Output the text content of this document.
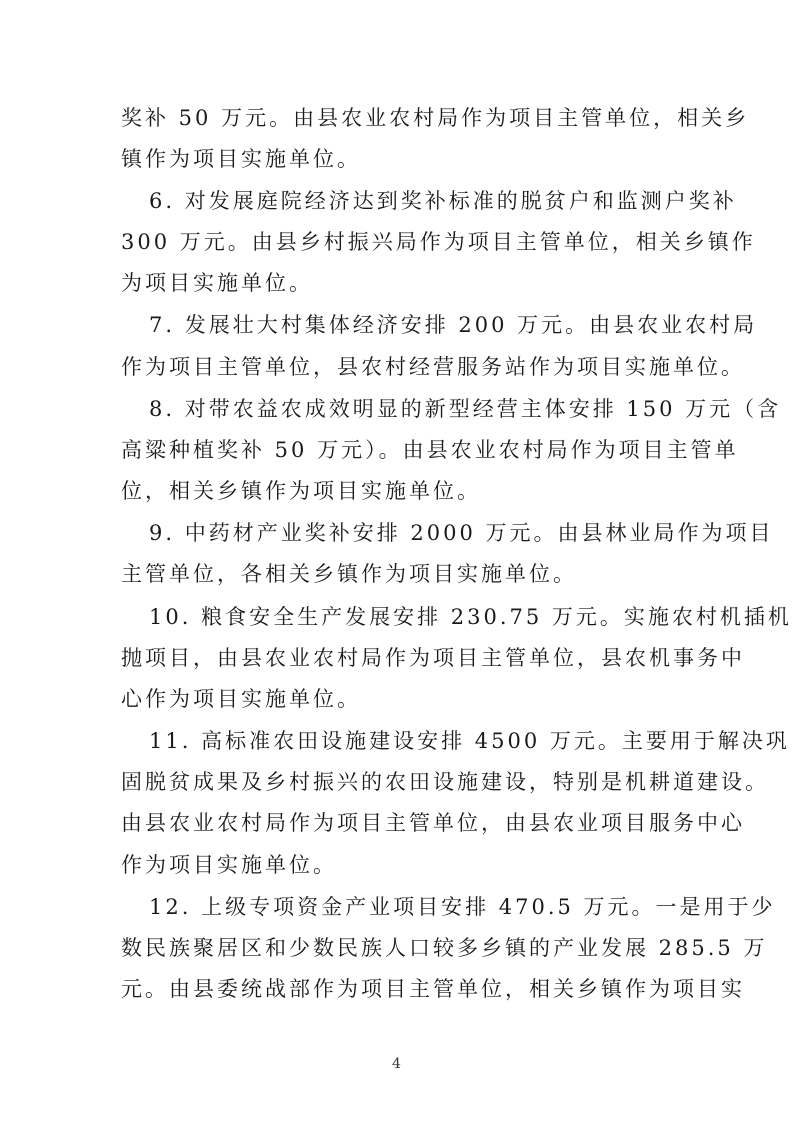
奖补 50 万元。由县农业农村局作为项目主管单位，相关乡
镇作为项目实施单位。
6. 对发展庭院经济达到奖补标准的脱贫户和监测户奖补
300 万元。由县乡村振兴局作为项目主管单位，相关乡镇作
为项目实施单位。
7. 发展壮大村集体经济安排 200 万元。由县农业农村局
作为项目主管单位，县农村经营服务站作为项目实施单位。
8. 对带农益农成效明显的新型经营主体安排 150 万元（含
高粱种植奖补 50 万元）。由县农业农村局作为项目主管单
位，相关乡镇作为项目实施单位。
9. 中药材产业奖补安排 2000 万元。由县林业局作为项目
主管单位，各相关乡镇作为项目实施单位。
10. 粮食安全生产发展安排 230.75 万元。实施农村机插机
抛项目，由县农业农村局作为项目主管单位，县农机事务中
心作为项目实施单位。
11. 高标准农田设施建设安排 4500 万元。主要用于解决巩
固脱贫成果及乡村振兴的农田设施建设，特别是机耕道建设。
由县农业农村局作为项目主管单位，由县农业项目服务中心
作为项目实施单位。
12. 上级专项资金产业项目安排 470.5 万元。一是用于少
数民族聚居区和少数民族人口较多乡镇的产业发展 285.5 万
元。由县委统战部作为项目主管单位，相关乡镇作为项目实
4
